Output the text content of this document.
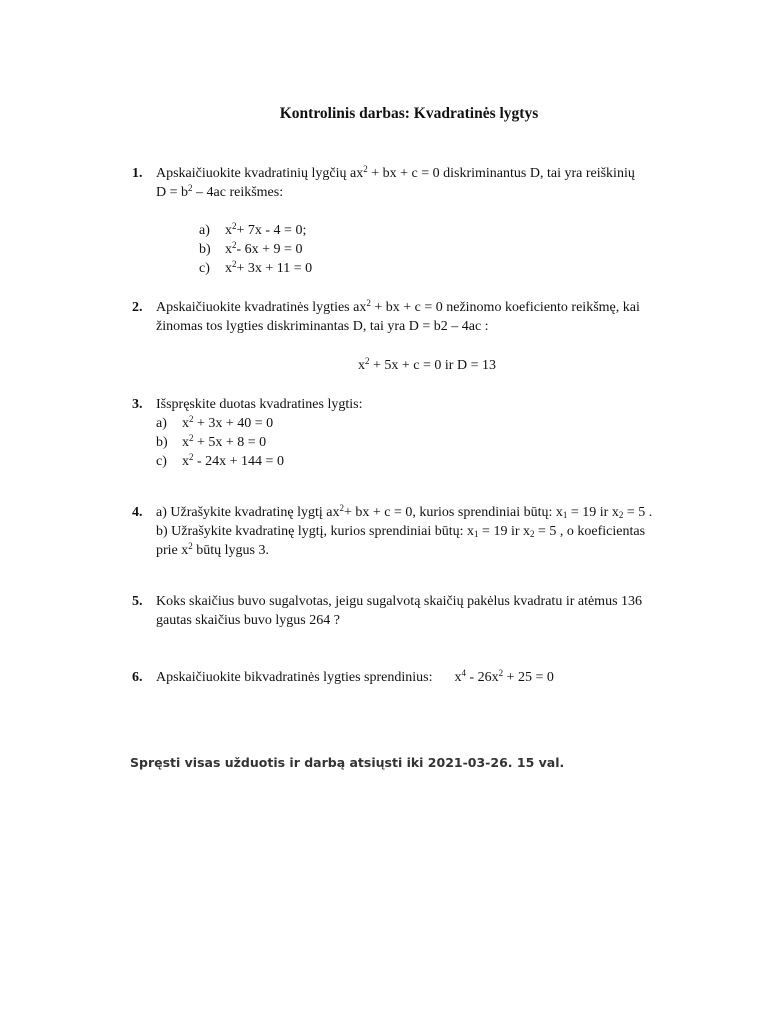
Kontrolinis darbas: Kvadratinės lygtys
1. Apskaičiuokite kvadratinių lygčių $ax^2$ + bx + c = 0 diskriminantus D, tai yra reiškinių
$D = b^2 - 4ac$ reikšmes:
a) $x^2+ 7x - 4 = 0$;
b) $x^2-$ 6x + 9 = 0
c) $x^2+ 3x + 11 = 0$
2. Apskaičiuokite kvadratinės lygties $ax^2$ + bx + c = 0 nežinomo koeficiento reikšmę, kai
žinomas tos lygties diskriminantas D, tai yra D = b2 – 4ac :
$x^2 + 5x + c = 0$ ir D = 13
3. Išspręskite duotas kvadratines lygtis:
a) $x^2 + 3x + 40 = 0$
b) $x^2 + 5x + 8 = 0$
c) $x^2 - 24x + 144 = 0$
4. a) Užrašykite kvadratinę lygtį $ax^2+$ bx + c = 0, kurios sprendiniai būtų: $x_1 = 19$ ir $x_2 = 5$ .
b) Užrašykite kvadratinę lygtį, kurios sprendiniai būtų: $x_1 = 19$ ir $x_2 = 5$ , o koeficientas
prie $x^2$ būtų lygus 3.
5. Koks skaičius buvo sugalvotas, jeigu sugalvotą skaičių pakėlus kvadratu ir atėmus 136
gautas skaičius buvo lygus 264 ?
6. Apskaičiuokite bikvadratinės lygties sprendinius: $x^4 - 26x^2 + 25 = 0$
Spręsti visas užduotis ir darbą atsiųsti iki 2021-03-26. 15 val.
